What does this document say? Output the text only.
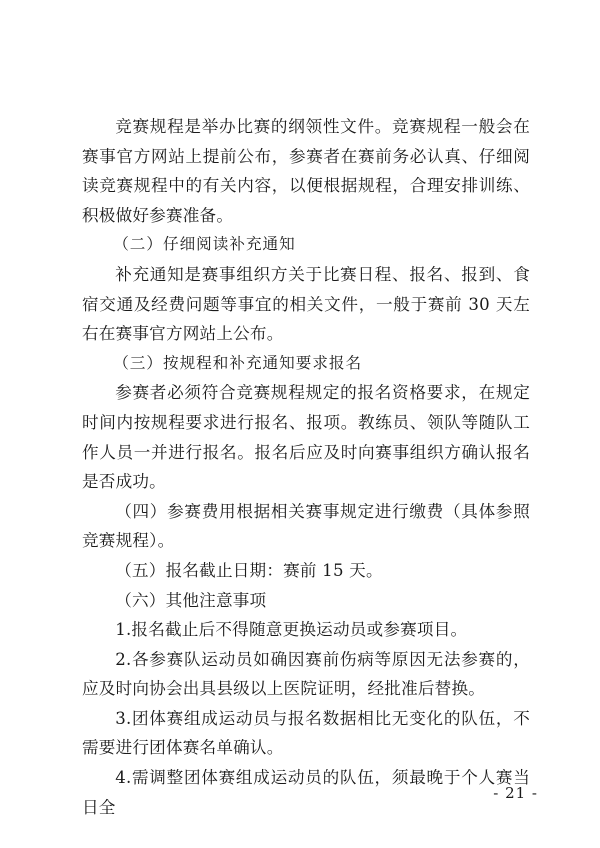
竞赛规程是举办比赛的纲领性文件。竞赛规程一般会在赛事官方网站上提前公布，参赛者在赛前务必认真、仔细阅读竞赛规程中的有关内容，以便根据规程，合理安排训练、积极做好参赛准备。

（二）仔细阅读补充通知

补充通知是赛事组织方关于比赛日程、报名、报到、食宿交通及经费问题等事宜的相关文件，一般于赛前 30 天左右在赛事官方网站上公布。

（三）按规程和补充通知要求报名

参赛者必须符合竞赛规程规定的报名资格要求，在规定时间内按规程要求进行报名、报项。教练员、领队等随队工作人员一并进行报名。报名后应及时向赛事组织方确认报名是否成功。

（四）参赛费用根据相关赛事规定进行缴费（具体参照竞赛规程）。

（五）报名截止日期：赛前 15 天。

（六）其他注意事项

1.报名截止后不得随意更换运动员或参赛项目。

2.各参赛队运动员如确因赛前伤病等原因无法参赛的，应及时向协会出具县级以上医院证明，经批准后替换。

3.团体赛组成运动员与报名数据相比无变化的队伍，不需要进行团体赛名单确认。

4.需调整团体赛组成运动员的队伍，须最晚于个人赛当日全

- 21 -
